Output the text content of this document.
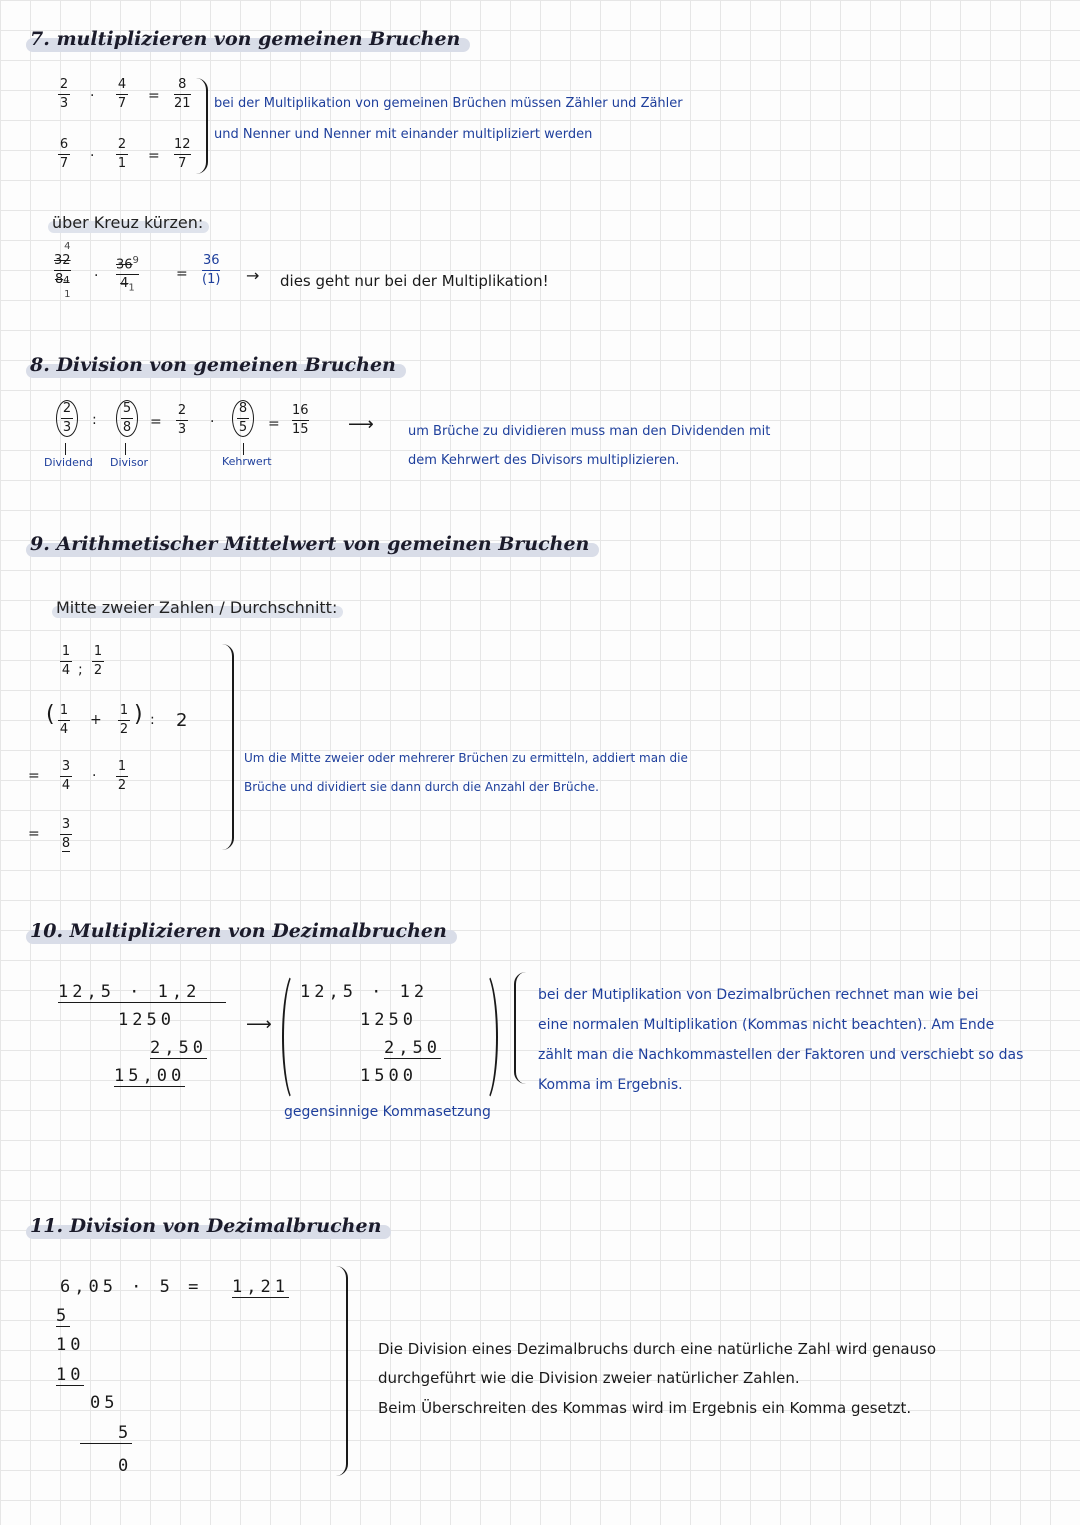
7. multiplizieren von gemeinen Bruchen
2
3 ·
4
7 =
8
21
6
7 ·
2
1 =
12
7
bei der Multiplikation von gemeinen Brüchen müssen Zähler und Zähler
und Nenner und Nenner mit einander multipliziert werden
über Kreuz kürzen:
4
32
84
1
·
$36^9$
$4_1$
=
36
(1) → dies geht nur bei der Multiplikation!
8. Division von gemeinen Bruchen
2
3 :
5
8 =
2
3 ·
8
5 =
16
15
Dividend Divisor	Kehrwert
⟶	um Brüche zu dividieren muss man den Dividenden mit
dem Kehrwert des Divisors multiplizieren.
9. Arithmetischer Mittelwert von gemeinen Bruchen
Mitte zweier Zahlen / Durchschnitt:
1
4 ;
1
2
( 1
4
+
1
2
) : 2
=
3
4
·
1
2
=
3
8
Um die Mitte zweier oder mehrerer Brüchen zu ermitteln, addiert man die
Brüche und dividiert sie dann durch die Anzahl der Brüche.
10. Multiplizieren von Dezimalbruchen
12,5 · 1,2
1250
2,50
15,00
⟶
12,5 · 12
1250
2,50
1500
gegensinnige Kommasetzung
bei der Mutiplikation von Dezimalbrüchen rechnet man wie bei
eine normalen Multiplikation (Kommas nicht beachten). Am Ende
zählt man die Nachkommastellen der Faktoren und verschiebt so das
Komma im Ergebnis.
11. Division von Dezimalbruchen
6,05 · 5 = 1,21
5
10
10
05
5
0
Die Division eines Dezimalbruchs durch eine natürliche Zahl wird genauso
durchgeführt wie die Division zweier natürlicher Zahlen.
Beim Überschreiten des Kommas wird im Ergebnis ein Komma gesetzt.
